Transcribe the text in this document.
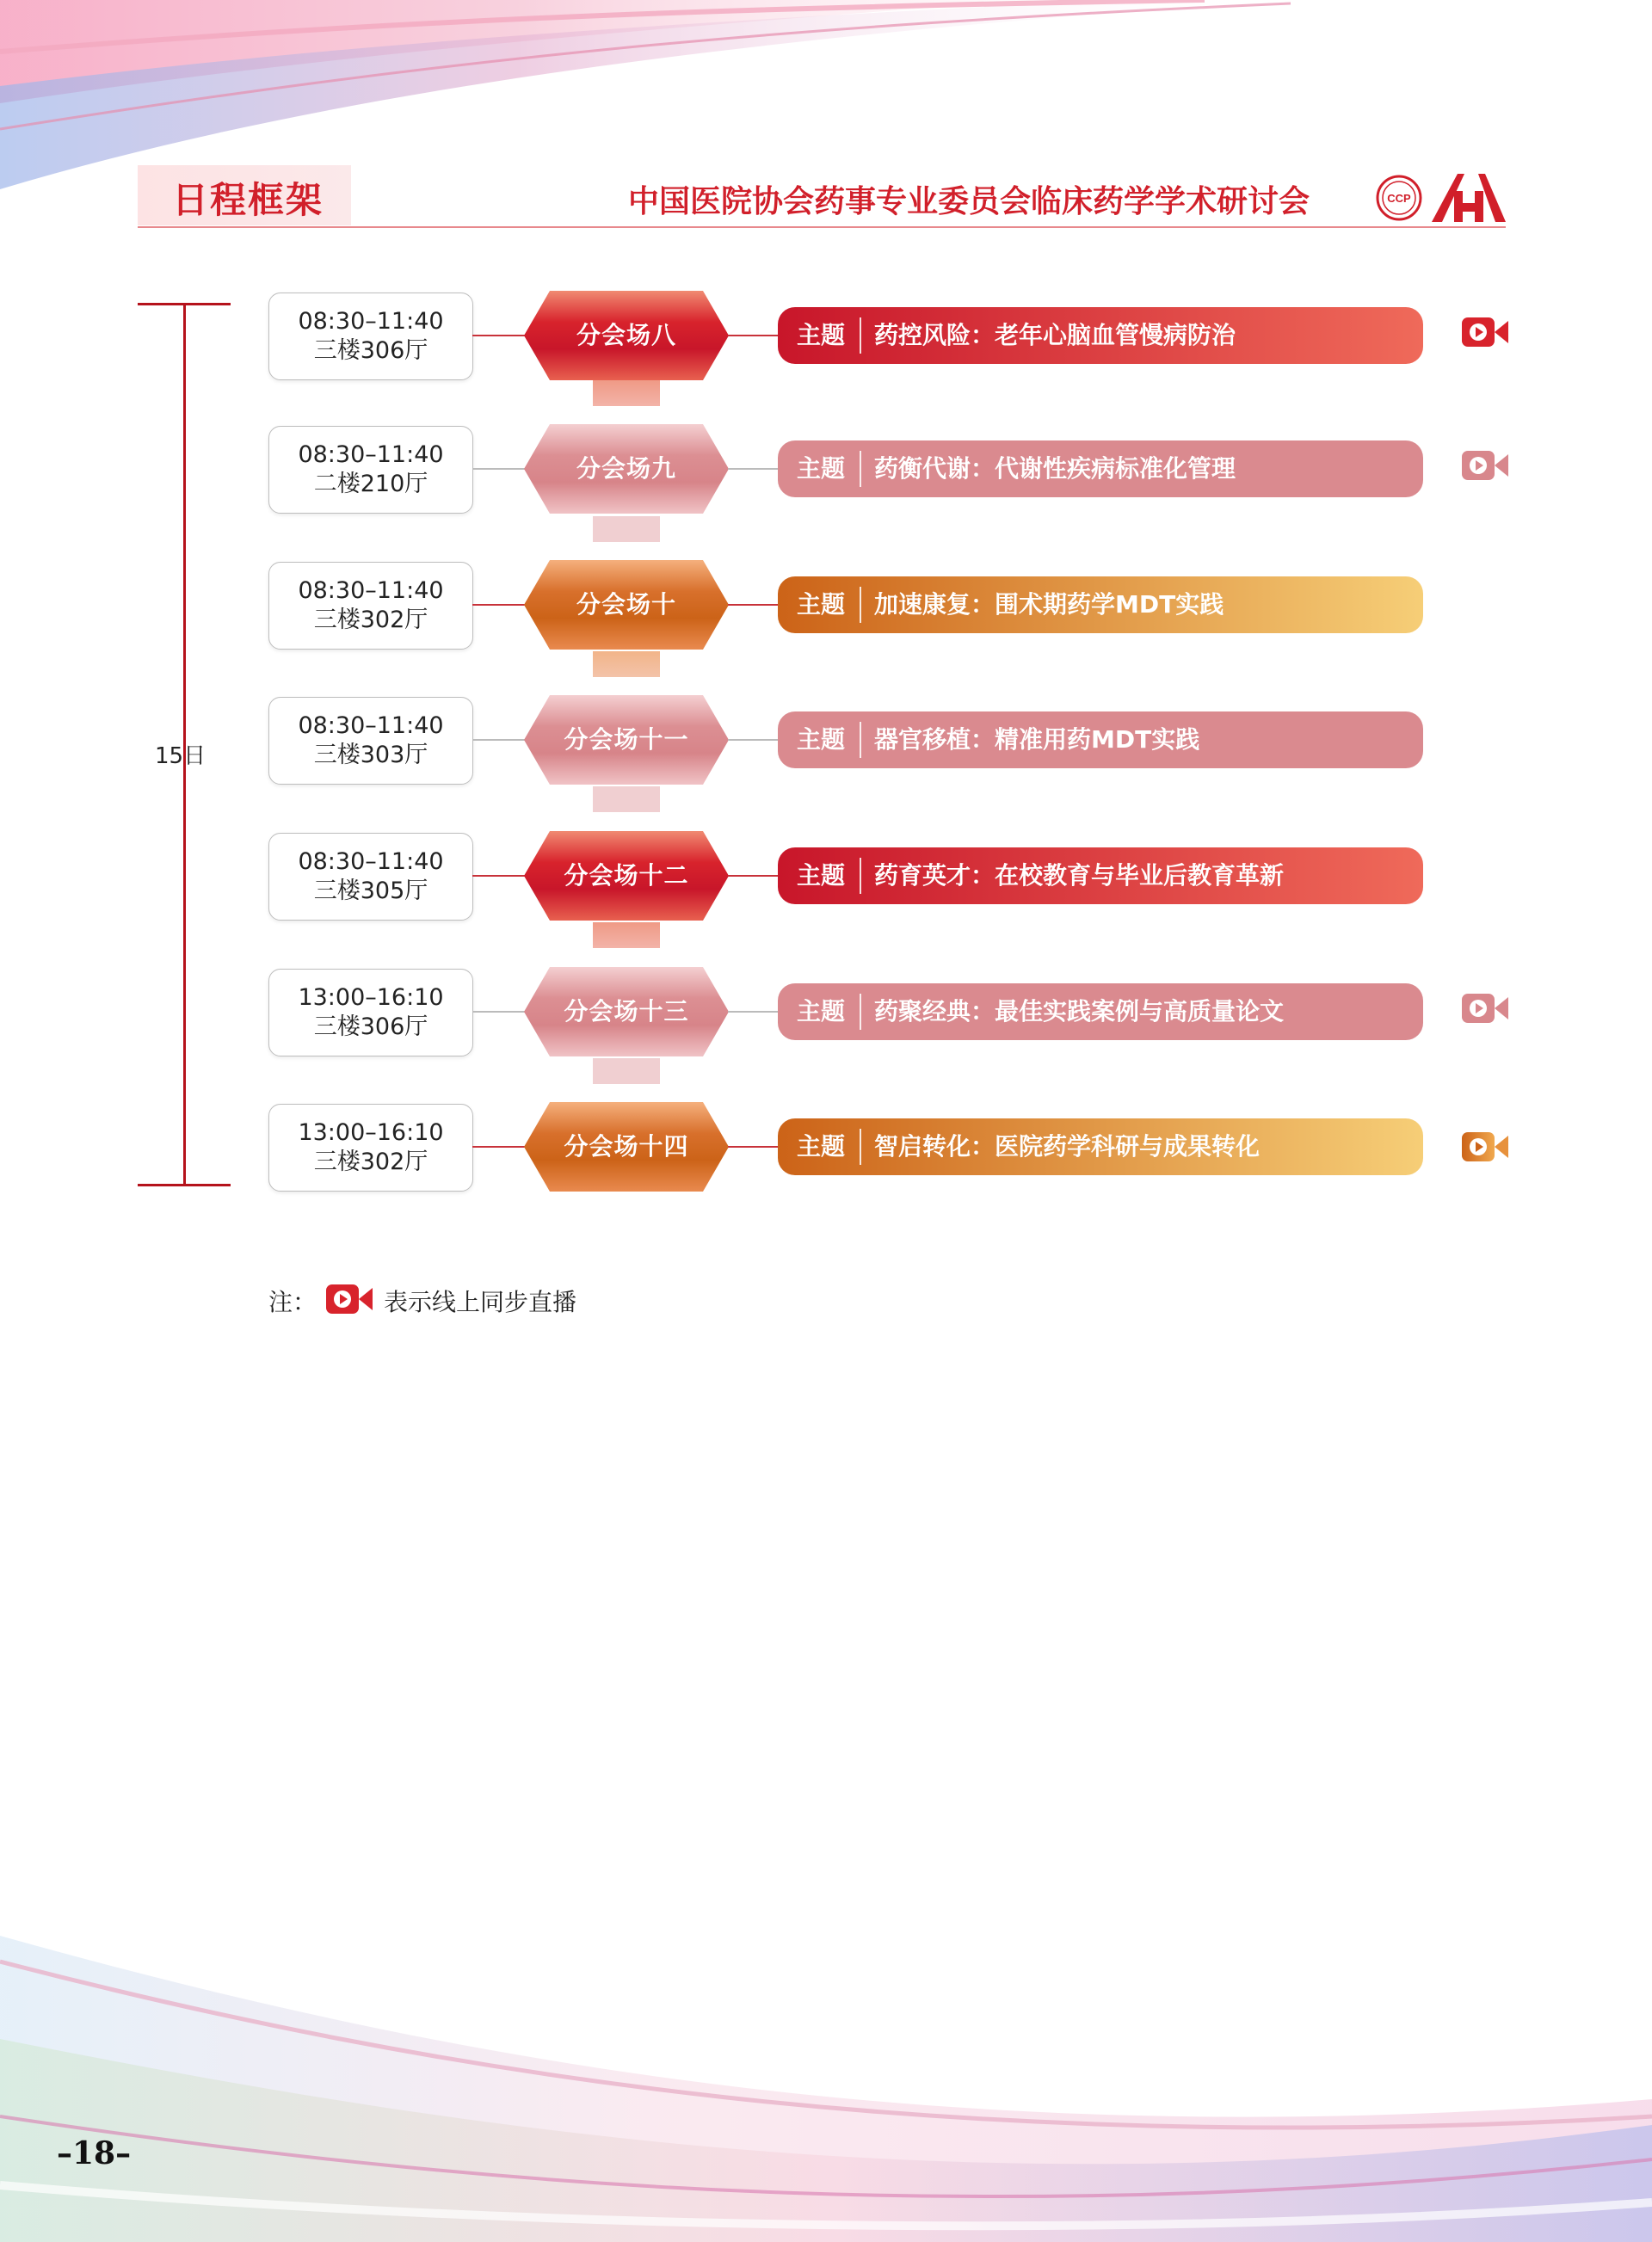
日程框架	中国医院协会药事专业委员会临床药学学术研讨会	CCP
15日
08:30–11:40
三楼306厅
分会场八	主题 药控风险：老年心脑血管慢病防治
08:30–11:40
二楼210厅
分会场九	主题 药衡代谢：代谢性疾病标准化管理
08:30–11:40
三楼302厅
分会场十	主题 加速康复：围术期药学MDT实践
08:30–11:40
三楼303厅
分会场十一	主题 器官移植：精准用药MDT实践
08:30–11:40
三楼305厅
分会场十二	主题 药育英才：在校教育与毕业后教育革新
13:00–16:10
三楼306厅
分会场十三	主题 药聚经典：最佳实践案例与高质量论文
13:00–16:10
三楼302厅
分会场十四	主题 智启转化：医院药学科研与成果转化
注：	表示线上同步直播
–18–
